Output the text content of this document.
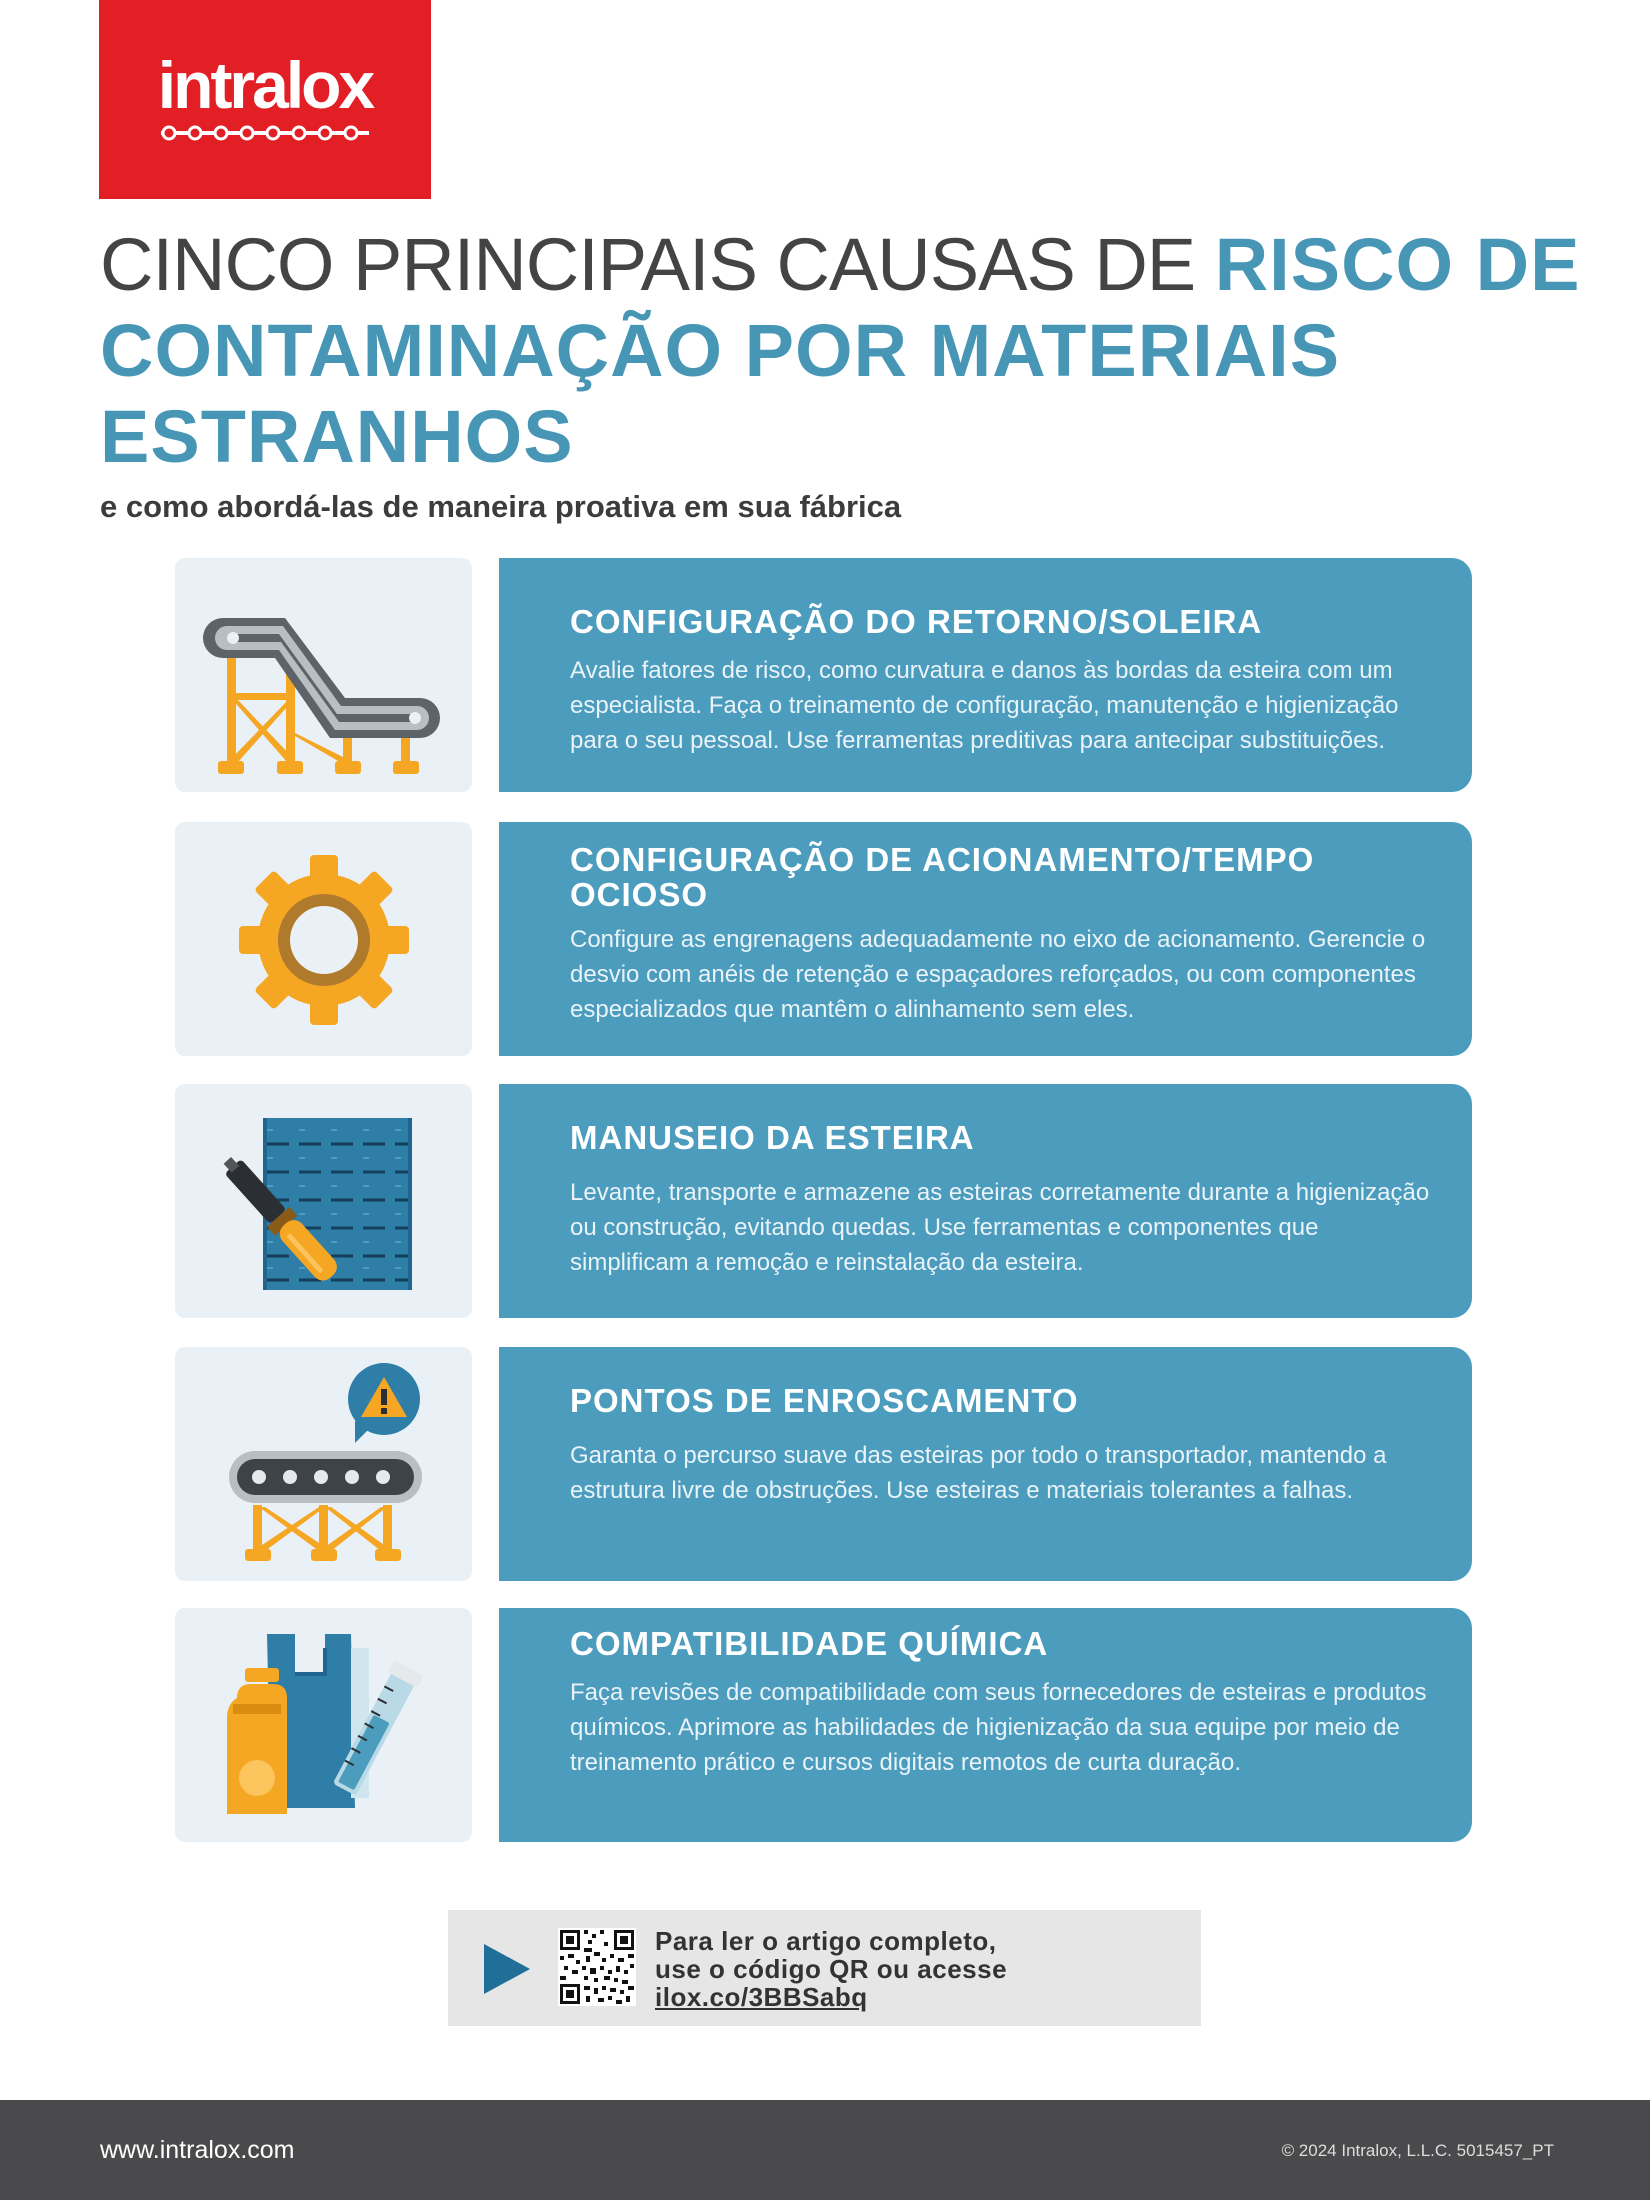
intralox
CINCO PRINCIPAIS CAUSAS DE RISCO DE CONTAMINAÇÃO POR MATERIAIS ESTRANHOS

e como abordá-las de maneira proativa em sua fábrica

CONFIGURAÇÃO DO RETORNO/SOLEIRA

Avalie fatores de risco, como curvatura e danos às bordas da esteira com um especialista. Faça o treinamento de configuração, manutenção e higienização para o seu pessoal. Use ferramentas preditivas para antecipar substituições.

CONFIGURAÇÃO DE ACIONAMENTO/TEMPO OCIOSO

Configure as engrenagens adequadamente no eixo de acionamento. Gerencie o desvio com anéis de retenção e espaçadores reforçados, ou com componentes especializados que mantêm o alinhamento sem eles.

MANUSEIO DA ESTEIRA

Levante, transporte e armazene as esteiras corretamente durante a higienização ou construção, evitando quedas. Use ferramentas e componentes que simplificam a remoção e reinstalação da esteira.

PONTOS DE ENROSCAMENTO

Garanta o percurso suave das esteiras por todo o transportador, mantendo a estrutura livre de obstruções. Use esteiras e materiais tolerantes a falhas.

COMPATIBILIDADE QUÍMICA

Faça revisões de compatibilidade com seus fornecedores de esteiras e produtos químicos. Aprimore as habilidades de higienização da sua equipe por meio de treinamento prático e cursos digitais remotos de curta duração.

Para ler o artigo completo,
use o código QR ou acesse
ilox.co/3BBSabq
www.intralox.com	© 2024 Intralox, L.L.C. 5015457_PT
